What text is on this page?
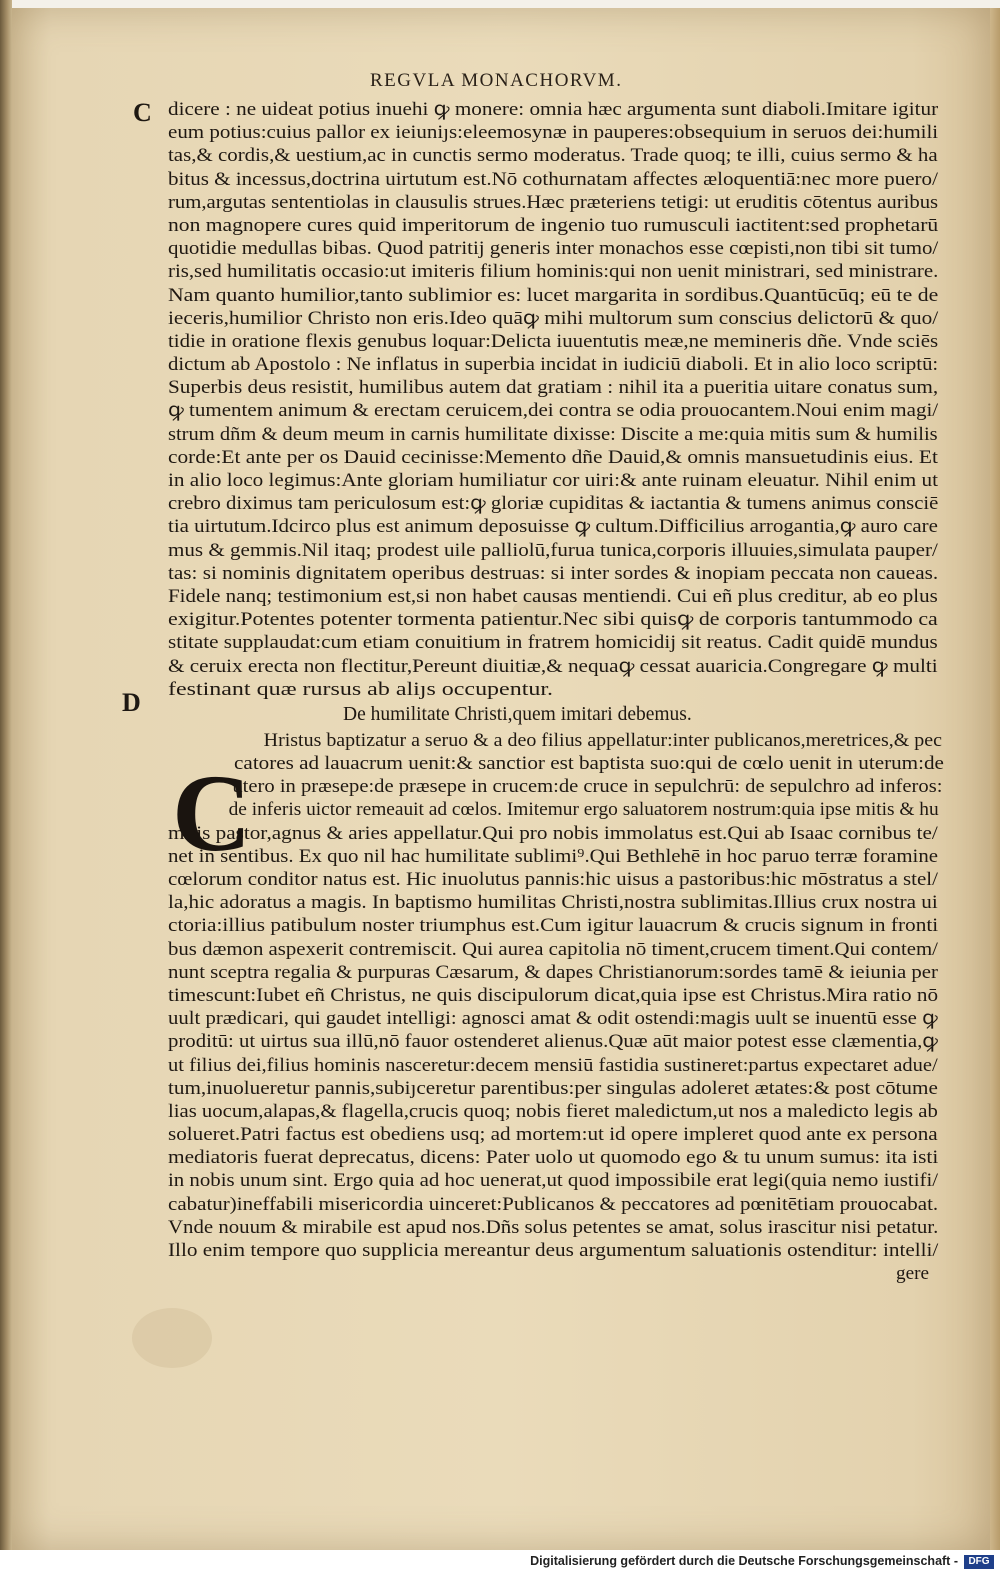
REGVLA MONACHORVM.
C
D
dicere : ne uideat potius inuehi ꝙ monere: omnia hæc argumenta sunt diaboli.Imitare igitur
eum potius:cuius pallor ex ieiuniȷs:eleemosynæ in pauperes:obsequium in seruos dei:humili
tas,& cordis,& uestium,ac in cunctis sermo moderatus. Trade quoq; te illi, cuius sermo & ha
bitus & incessus,doctrina uirtutum est.Nō cothurnatam affectes æloquentiā:nec more puero/
rum,argutas sententiolas in clausulis strues.Hæc præteriens tetigi: ut eruditis cōtentus auribus
non magnopere cures quid imperitorum de ingenio tuo rumusculi iactitent:sed prophetarū
quotidie medullas bibas. Quod patritij generis inter monachos esse cœpisti,non tibi sit tumo/
ris,sed humilitatis occasio:ut imiteris filium hominis:qui non uenit ministrari, sed ministrare.
Nam quanto humilior,tanto sublimior es: lucet margarita in sordibus.Quantūcūq; eū te de
ieceris,humilior Christo non eris.Ideo quāꝙ mihi multorum sum conscius delictorū & quo/
tidie in oratione flexis genubus loquar:Delicta iuuentutis meæ,ne memineris dñe. Vnde sciēs
dictum ab Apostolo : Ne inflatus in superbia incidat in iudiciū diaboli. Et in alio loco scriptū:
Superbis deus resistit, humilibus autem dat gratiam : nihil ita a pueritia uitare conatus sum,
ꝙ tumentem animum & erectam ceruicem,dei contra se odia prouocantem.Noui enim magi/
strum dñm & deum meum in carnis humilitate dixisse: Discite a me:quia mitis sum & humilis
corde:Et ante per os Dauid cecinisse:Memento dñe Dauid,& omnis mansuetudinis eius. Et
in alio loco legimus:Ante gloriam humiliatur cor uiri:& ante ruinam eleuatur. Nihil enim ut
crebro diximus tam periculosum est:ꝙ gloriæ cupiditas & iactantia & tumens animus consciē
tia uirtutum.Idcirco plus est animum deposuisse ꝙ cultum.Difficilius arrogantia,ꝙ auro care
mus & gemmis.Nil itaq; prodest uile palliolū,furua tunica,corporis illuuies,simulata pauper/
tas: si nominis dignitatem operibus destruas: si inter sordes & inopiam peccata non caueas.
Fidele nanq; testimonium est,si non habet causas mentiendi. Cui eñ plus creditur, ab eo plus
exigitur.Potentes potenter tormenta patientur.Nec sibi quisꝙ de corporis tantummodo ca
stitate supplaudat:cum etiam conuitium in fratrem homicidij sit reatus. Cadit quidē mundus
& ceruix erecta non flectitur,Pereunt diuitiæ,& nequaꝙ cessat auaricia.Congregare ꝙ multi
festinant quæ rursus ab aliȷs occupentur.
De humilitate Christi,quem imitari debemus.
Hristus baptizatur a seruo & a deo filius appellatur:inter publicanos,meretrices,& pec
catores ad lauacrum uenit:& sanctior est baptista suo:qui de cœlo uenit in uterum:de
utero in præsepe:de præsepe in crucem:de cruce in sepulchrū: de sepulchro ad inferos:
de inferis uictor remeauit ad cœlos. Imitemur ergo saluatorem nostrum:quia ipse mitis & hu
milis pastor,agnus & aries appellatur.Qui pro nobis immolatus est.Qui ab Isaac cornibus te/
net in sentibus. Ex quo nil hac humilitate sublimi⁹.Qui Bethlehē in hoc paruo terræ foramine
cœlorum conditor natus est. Hic inuolutus pannis:hic uisus a pastoribus:hic mōstratus a stel/
la,hic adoratus a magis. In baptismo humilitas Christi,nostra sublimitas.Illius crux nostra ui
ctoria:illius patibulum noster triumphus est.Cum igitur lauacrum & crucis signum in fronti
bus dæmon aspexerit contremiscit. Qui aurea capitolia nō timent,crucem timent.Qui contem/
nunt sceptra regalia & purpuras Cæsarum, & dapes Christianorum:sordes tamē & ieiunia per
timescunt:Iubet eñ Christus, ne quis discipulorum dicat,quia ipse est Christus.Mira ratio nō
uult prædicari, qui gaudet intelligi: agnosci amat & odit ostendi:magis uult se inuentū esse ꝙ
proditū: ut uirtus sua illū,nō fauor ostenderet alienus.Quæ aūt maior potest esse clæmentia,ꝙ
ut filius dei,filius hominis nasceretur:decem mensiū fastidia sustineret:partus expectaret adue/
tum,inuolueretur pannis,subiȷceretur parentibus:per singulas adoleret ætates:& post cōtume
lias uocum,alapas,& flagella,crucis quoq; nobis fieret maledictum,ut nos a maledicto legis ab
solueret.Patri factus est obediens usq; ad mortem:ut id opere impleret quod ante ex persona
mediatoris fuerat deprecatus, dicens: Pater uolo ut quomodo ego & tu unum sumus: ita isti
in nobis unum sint. Ergo quia ad hoc uenerat,ut quod impossibile erat legi(quia nemo iustifi/
cabatur)ineffabili misericordia uinceret:Publicanos & peccatores ad pœnitētiam prouocabat.
Vnde nouum & mirabile est apud nos.Dñs solus petentes se amat, solus irascitur nisi petatur.
Illo enim tempore quo supplicia mereantur deus argumentum saluationis ostenditur: intelli/
gere
C
Digitalisierung gefördert durch die Deutsche Forschungsgemeinschaft -	DFG
